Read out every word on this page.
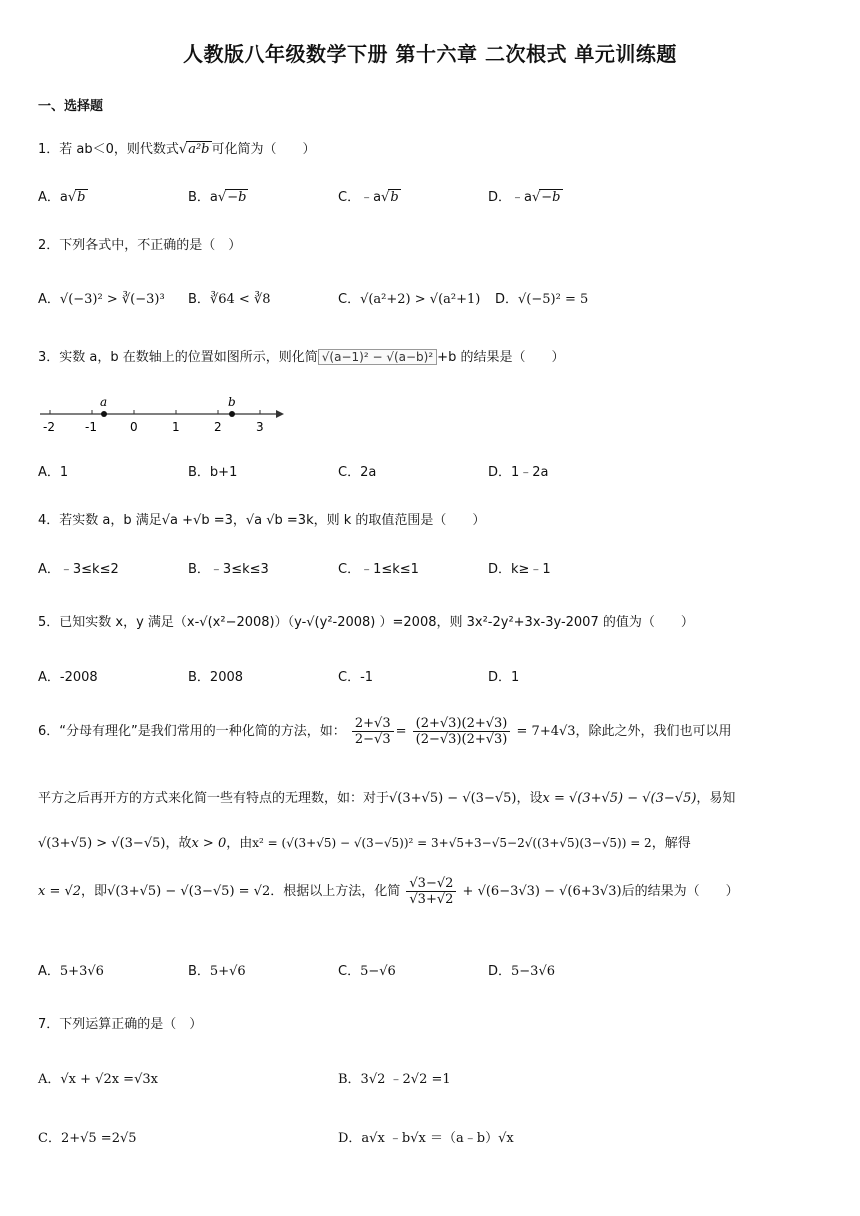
人教版八年级数学下册 第十六章 二次根式 单元训练题
一、选择题
1．若 ab＜0，则代数式√a²b 可化简为（　　）
A．a√b	B．a√−b	C．﹣a√b	D．﹣a√−b
2．下列各式中，不正确的是（　）
A．√(−3)² > ∛(−3)³ B．∛64 < ∛8	C．√(a²+2) > √(a²+1) D．√(−5)² = 5
3．实数 a，b 在数轴上的位置如图所示，则化简 √(a−1)² − √(a−b)² +b 的结果是（　　）
-2	-1	0	1	2	3
a	b
A．1	B．b+1	C．2a	D．1﹣2a
4．若实数 a，b 满足√a +√b =3，√a √b =3k，则 k 的取值范围是（　　）
A．﹣3≤k≤2	B．﹣3≤k≤3	C．﹣1≤k≤1	D．k≥﹣1
5．已知实数 x，y 满足（x-√(x²−2008)）（y-√(y²-2008) ）=2008，则 3x²-2y²+3x-3y-2007 的值为（　　）
A．-2008	B．2008	C．-1	D．1
6．“分母有理化”是我们常用的一种化简的方法，如： $\frac{2+√3}{2-√3} = \frac{(2+√3)(2+√3)}{(2-√3)(2+√3)} = 7+4√3$，除此之外，我们也可以用
平方之后再开方的方式来化简一些有特点的无理数，如：对于√(3+√5) − √(3−√5)，设x = √(3+√5) − √(3−√5)，易知
√(3+√5) > √(3−√5)，故x > 0，由x² = (√(3+√5) − √(3−√5))² = 3+√5+3−√5−2√((3+√5)(3−√5)) = 2，解得
x = √2，即√(3+√5) − √(3−√5) = √2．根据以上方法，化简 $\frac{√3-√2}{√3+√2} + √(6-3√3) - √(6+3√3)$后的结果为（　　）
A．5+3√6	B．5+√6	C．5−√6	D．5−3√6
7．下列运算正确的是（　）
A．√x + √2x =√3x	B．3√2 ﹣2√2 =1
C．2+√5 =2√5	D．a√x ﹣b√x ＝（a﹣b）√x
